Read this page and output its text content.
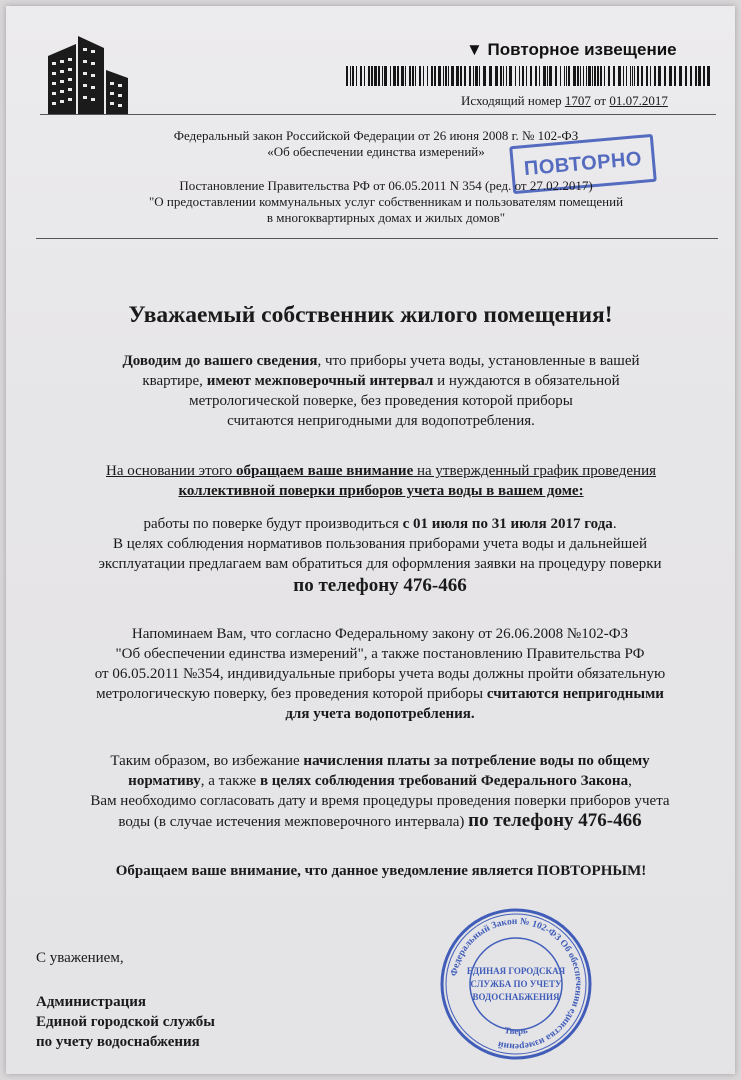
▼ Повторное извещение
Исходящий номер 1707 от 01.07.2017
Федеральный закон Российской Федерации от 26 июня 2008 г. № 102-ФЗ
«Об обеспечении единства измерений»	ПОВТОРНО
Постановление Правительства РФ от 06.05.2011 N 354 (ред. от 27.02.2017)
"О предоставлении коммунальных услуг собственникам и пользователям помещений
в многоквартирных домах и жилых домов"
Уважаемый собственник жилого помещения!
Доводим до вашего сведения, что приборы учета воды, установленные в вашей
квартире, имеют межповерочный интервал и нуждаются в обязательной
метрологической поверке, без проведения которой приборы
считаются непригодными для водопотребления.
На основании этого обращаем ваше внимание на утвержденный график проведения
коллективной поверки приборов учета воды в вашем доме:
работы по поверке будут производиться с 01 июля по 31 июля 2017 года.
В целях соблюдения нормативов пользования приборами учета воды и дальнейшей
эксплуатации предлагаем вам обратиться для оформления заявки на процедуру поверки
по телефону 476-466
Напоминаем Вам, что согласно Федеральному закону от 26.06.2008 №102-ФЗ
"Об обеспечении единства измерений", а также постановлению Правительства РФ
от 06.05.2011 №354, индивидуальные приборы учета воды должны пройти обязательную
метрологическую поверку, без проведения которой приборы считаются непригодными
для учета водопотребления.
Таким образом, во избежание начисления платы за потребление воды по общему
нормативу, а также в целях соблюдения требований Федерального Закона,
Вам необходимо согласовать дату и время процедуры проведения поверки приборов учета
воды (в случае истечения межповерочного интервала) по телефону 476-466
Обращаем ваше внимание, что данное уведомление является ПОВТОРНЫМ!
С уважением,
Администрация
Единой городской службы
по учету водоснабжения
Федеральный Закон № 102-ФЗ Об обеспечении единства измерений
Тверь
ЕДИНАЯ ГОРОДСКАЯ
СЛУЖБА ПО УЧЕТУ
ВОДОСНАБЖЕНИЯ
